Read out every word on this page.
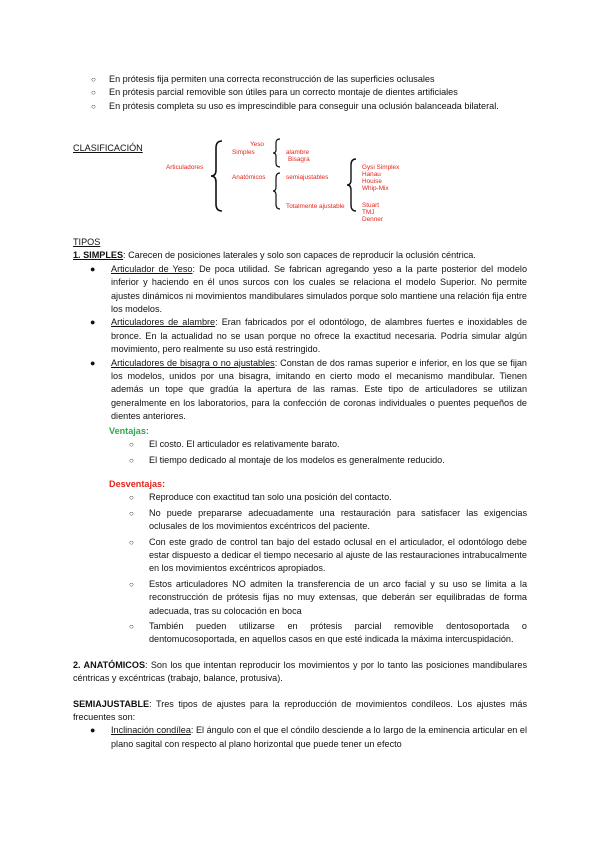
○ En prótesis fija permiten una correcta reconstrucción de las superficies oclusales

○ En prótesis parcial removible son útiles para un correcto montaje de dientes artificiales

○ En prótesis completa su uso es imprescindible para conseguir una oclusión balanceada bilateral.

CLASIFICACIÓN
Articuladores
Yeso
Simples	alambre
Bisagra
Anatómicos	semiajustables
Totalmente ajustable
Gysi Simplex
Hanau
Houise
Whip-Mix
Stuart
TMJ
Denner
TIPOS
1. SIMPLES: Carecen de posiciones laterales y solo son capaces de reproducir la oclusión céntrica.
● Articulador de Yeso: De poca utilidad. Se fabrican agregando yeso a la parte posterior del modelo inferior y haciendo en él unos surcos con los cuales se relaciona el modelo Superior. No permite ajustes dinámicos ni movimientos mandibulares simulados porque solo mantiene una relación fija entre los modelos.
● Articuladores de alambre: Eran fabricados por el odontólogo, de alambres fuertes e inoxidables de bronce. En la actualidad no se usan porque no ofrece la exactitud necesaria. Podría simular algún movimiento, pero realmente su uso está restringido.
● Articuladores de bisagra o no ajustables: Constan de dos ramas superior e inferior, en los que se fijan los modelos, unidos por una bisagra, imitando en cierto modo el mecanismo mandibular. Tienen además un tope que gradúa la apertura de las ramas. Este tipo de articuladores se utilizan generalmente en los laboratorios, para la confección de coronas individuales o puentes pequeños de dientes anteriores.
Ventajas:

○ El costo. El articulador es relativamente barato.

○ El tiempo dedicado al montaje de los modelos es generalmente reducido.

Desventajas:

○ Reproduce con exactitud tan solo una posición del contacto.

○ No puede prepararse adecuadamente una restauración para satisfacer las exigencias oclusales de los movimientos excéntricos del paciente.

○ Con este grado de control tan bajo del estado oclusal en el articulador, el odontólogo debe estar dispuesto a dedicar el tiempo necesario al ajuste de las restauraciones intrabucalmente en los movimientos excéntricos apropiados.

○ Estos articuladores NO admiten la transferencia de un arco facial y su uso se limita a la reconstrucción de prótesis fijas no muy extensas, que deberán ser equilibradas de forma adecuada, tras su colocación en boca

○ También pueden utilizarse en prótesis parcial removible dentosoportada o dentomucosoportada, en aquellos casos en que esté indicada la máxima intercuspidación.

2. ANATÓMICOS: Son los que intentan reproducir los movimientos y por lo tanto las posiciones mandibulares céntricas y excéntricas (trabajo, balance, protusiva).
SEMIAJUSTABLE: Tres tipos de ajustes para la reproducción de movimientos condíleos. Los ajustes más frecuentes son:
● Inclinación condílea: El ángulo con el que el cóndilo desciende a lo largo de la eminencia articular en el plano sagital con respecto al plano horizontal que puede tener un efecto
